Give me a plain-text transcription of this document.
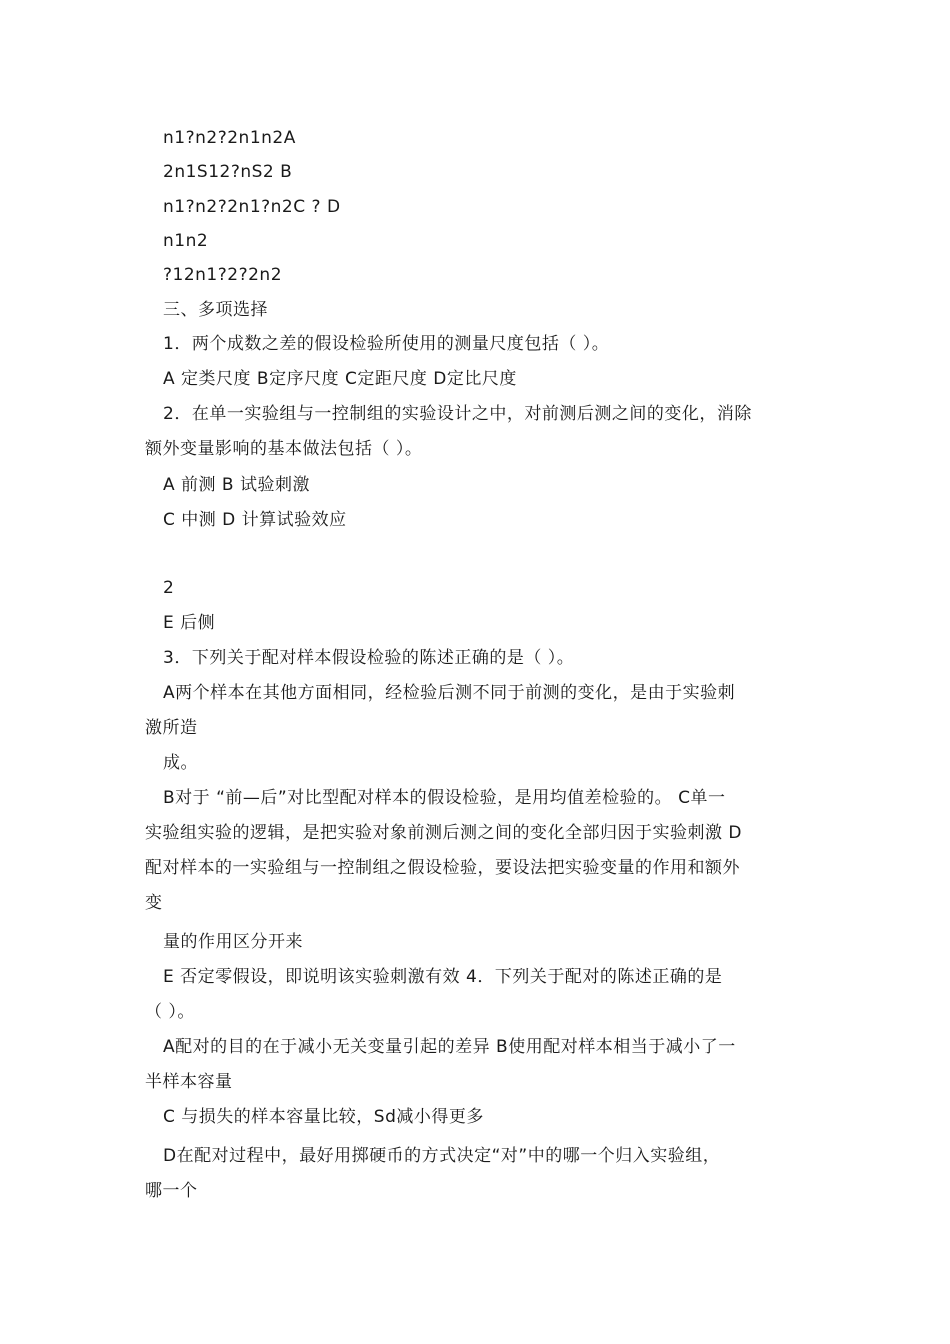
n1?n2?2n1n2A
2n1S12?nS2 B
n1?n2?2n1?n2C ? D
n1n2
?12n1?2?2n2
三、多项选择
1．两个成数之差的假设检验所使用的测量尺度包括（ ）。
A 定类尺度 B定序尺度 C定距尺度 D定比尺度
2．在单一实验组与一控制组的实验设计之中，对前测后测之间的变化，消除
额外变量影响的基本做法包括（ ）。
A 前测 B 试验刺激
C 中测 D 计算试验效应
2
E 后侧
3．下列关于配对样本假设检验的陈述正确的是（ ）。
A两个样本在其他方面相同，经检验后测不同于前测的变化，是由于实验刺
激所造
成。
B对于 “前—后”对比型配对样本的假设检验，是用均值差检验的。 C单一
实验组实验的逻辑，是把实验对象前测后测之间的变化全部归因于实验刺激 D
配对样本的一实验组与一控制组之假设检验，要设法把实验变量的作用和额外
变
量的作用区分开来
E 否定零假设，即说明该实验刺激有效 4．下列关于配对的陈述正确的是
（ ）。
A配对的目的在于减小无关变量引起的差异 B使用配对样本相当于减小了一
半样本容量
C 与损失的样本容量比较，Sd减小得更多
D在配对过程中，最好用掷硬币的方式决定“对”中的哪一个归入实验组，
哪一个
